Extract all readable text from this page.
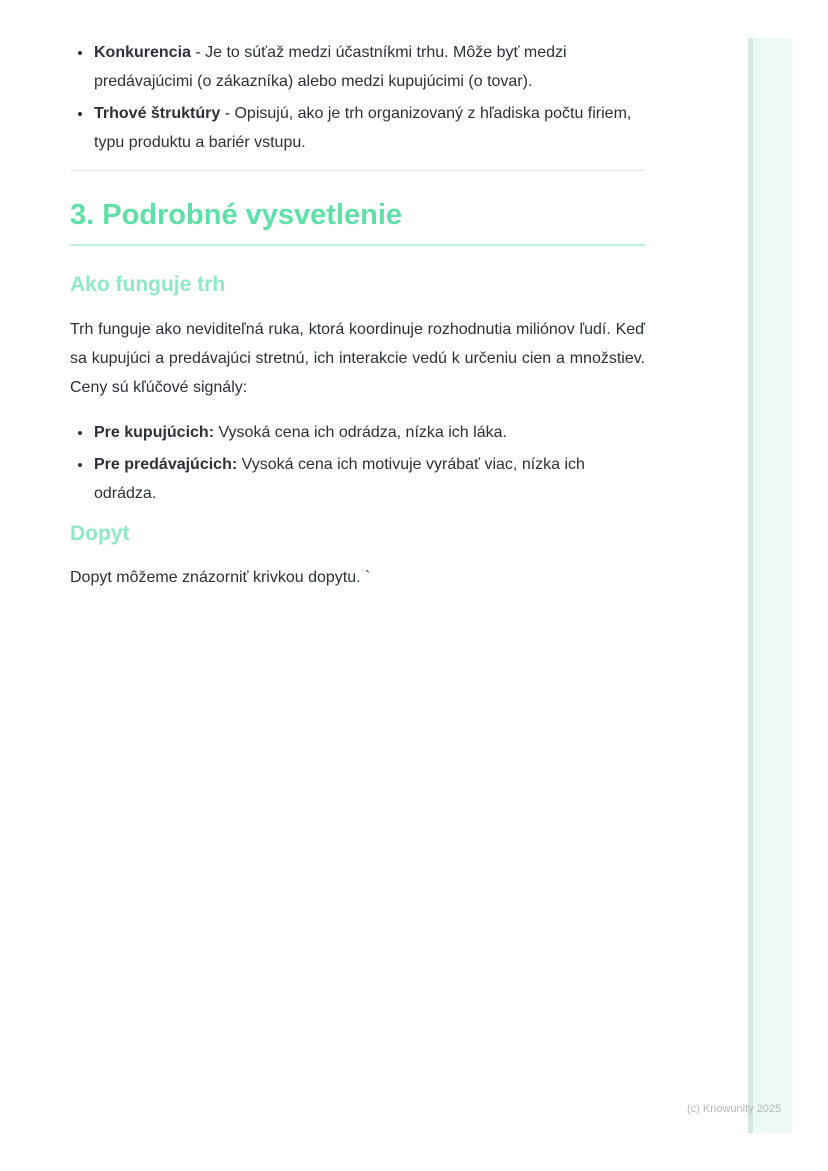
• Konkurencia - Je to súťaž medzi účastníkmi trhu. Môže byť medzi predávajúcimi (o zákazníka) alebo medzi kupujúcimi (o tovar).
• Trhové štruktúry - Opisujú, ako je trh organizovaný z hľadiska počtu firiem, typu produktu a bariér vstupu.
3. Podrobné vysvetlenie
Ako funguje trh

Trh funguje ako neviditeľná ruka, ktorá koordinuje rozhodnutia miliónov ľudí. Keď sa kupujúci a predávajúci stretnú, ich interakcie vedú k určeniu cien a množstiev. Ceny sú kľúčové signály:

• Pre kupujúcich: Vysoká cena ich odrádza, nízka ich láka.
• Pre predávajúcich: Vysoká cena ich motivuje vyrábať viac, nízka ich odrádza.
Dopyt

Dopyt môžeme znázorniť krivkou dopytu. `

(c) Knowunity 2025
